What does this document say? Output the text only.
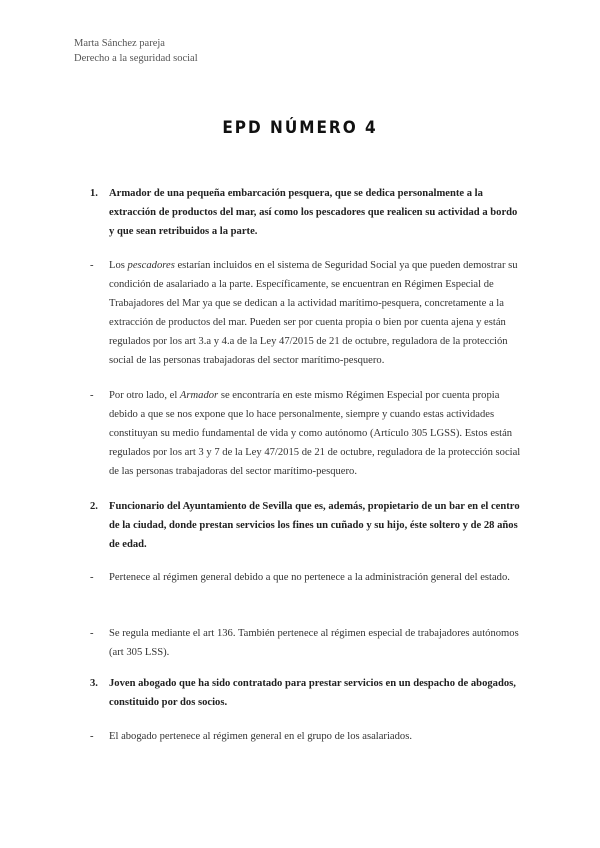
Marta Sánchez pareja
Derecho a la seguridad social
EPD NÚMERO 4
1.	Armador de una pequeña embarcación pesquera, que se dedica personalmente a la extracción de productos del mar, así como los pescadores que realicen su actividad a bordo y que sean retribuidos a la parte.
-	Los pescadores estarían incluidos en el sistema de Seguridad Social ya que pueden demostrar su condición de asalariado a la parte. Específicamente, se encuentran en Régimen Especial de Trabajadores del Mar ya que se dedican a la actividad marítimo-pesquera, concretamente a la extracción de productos del mar. Pueden ser por cuenta propia o bien por cuenta ajena y están regulados por los art 3.a y 4.a de la Ley 47/2015 de 21 de octubre, reguladora de la protección social de las personas trabajadoras del sector marítimo-pesquero.
-	Por otro lado, el Armador se encontraría en este mismo Régimen Especial por cuenta propia debido a que se nos expone que lo hace personalmente, siempre y cuando estas actividades constituyan su medio fundamental de vida y como autónomo (Artículo 305 LGSS). Estos están regulados por los art 3 y 7 de la Ley 47/2015 de 21 de octubre, reguladora de la protección social de las personas trabajadoras del sector marítimo-pesquero.
2.	Funcionario del Ayuntamiento de Sevilla que es, además, propietario de un bar en el centro de la ciudad, donde prestan servicios los fines un cuñado y su hijo, éste soltero y de 28 años de edad.
-	Pertenece al régimen general debido a que no pertenece a la administración general del estado.
-	Se regula mediante el art 136. También pertenece al régimen especial de trabajadores autónomos (art 305 LSS).
3.	Joven abogado que ha sido contratado para prestar servicios en un despacho de abogados, constituido por dos socios.
-	El abogado pertenece al régimen general en el grupo de los asalariados.
